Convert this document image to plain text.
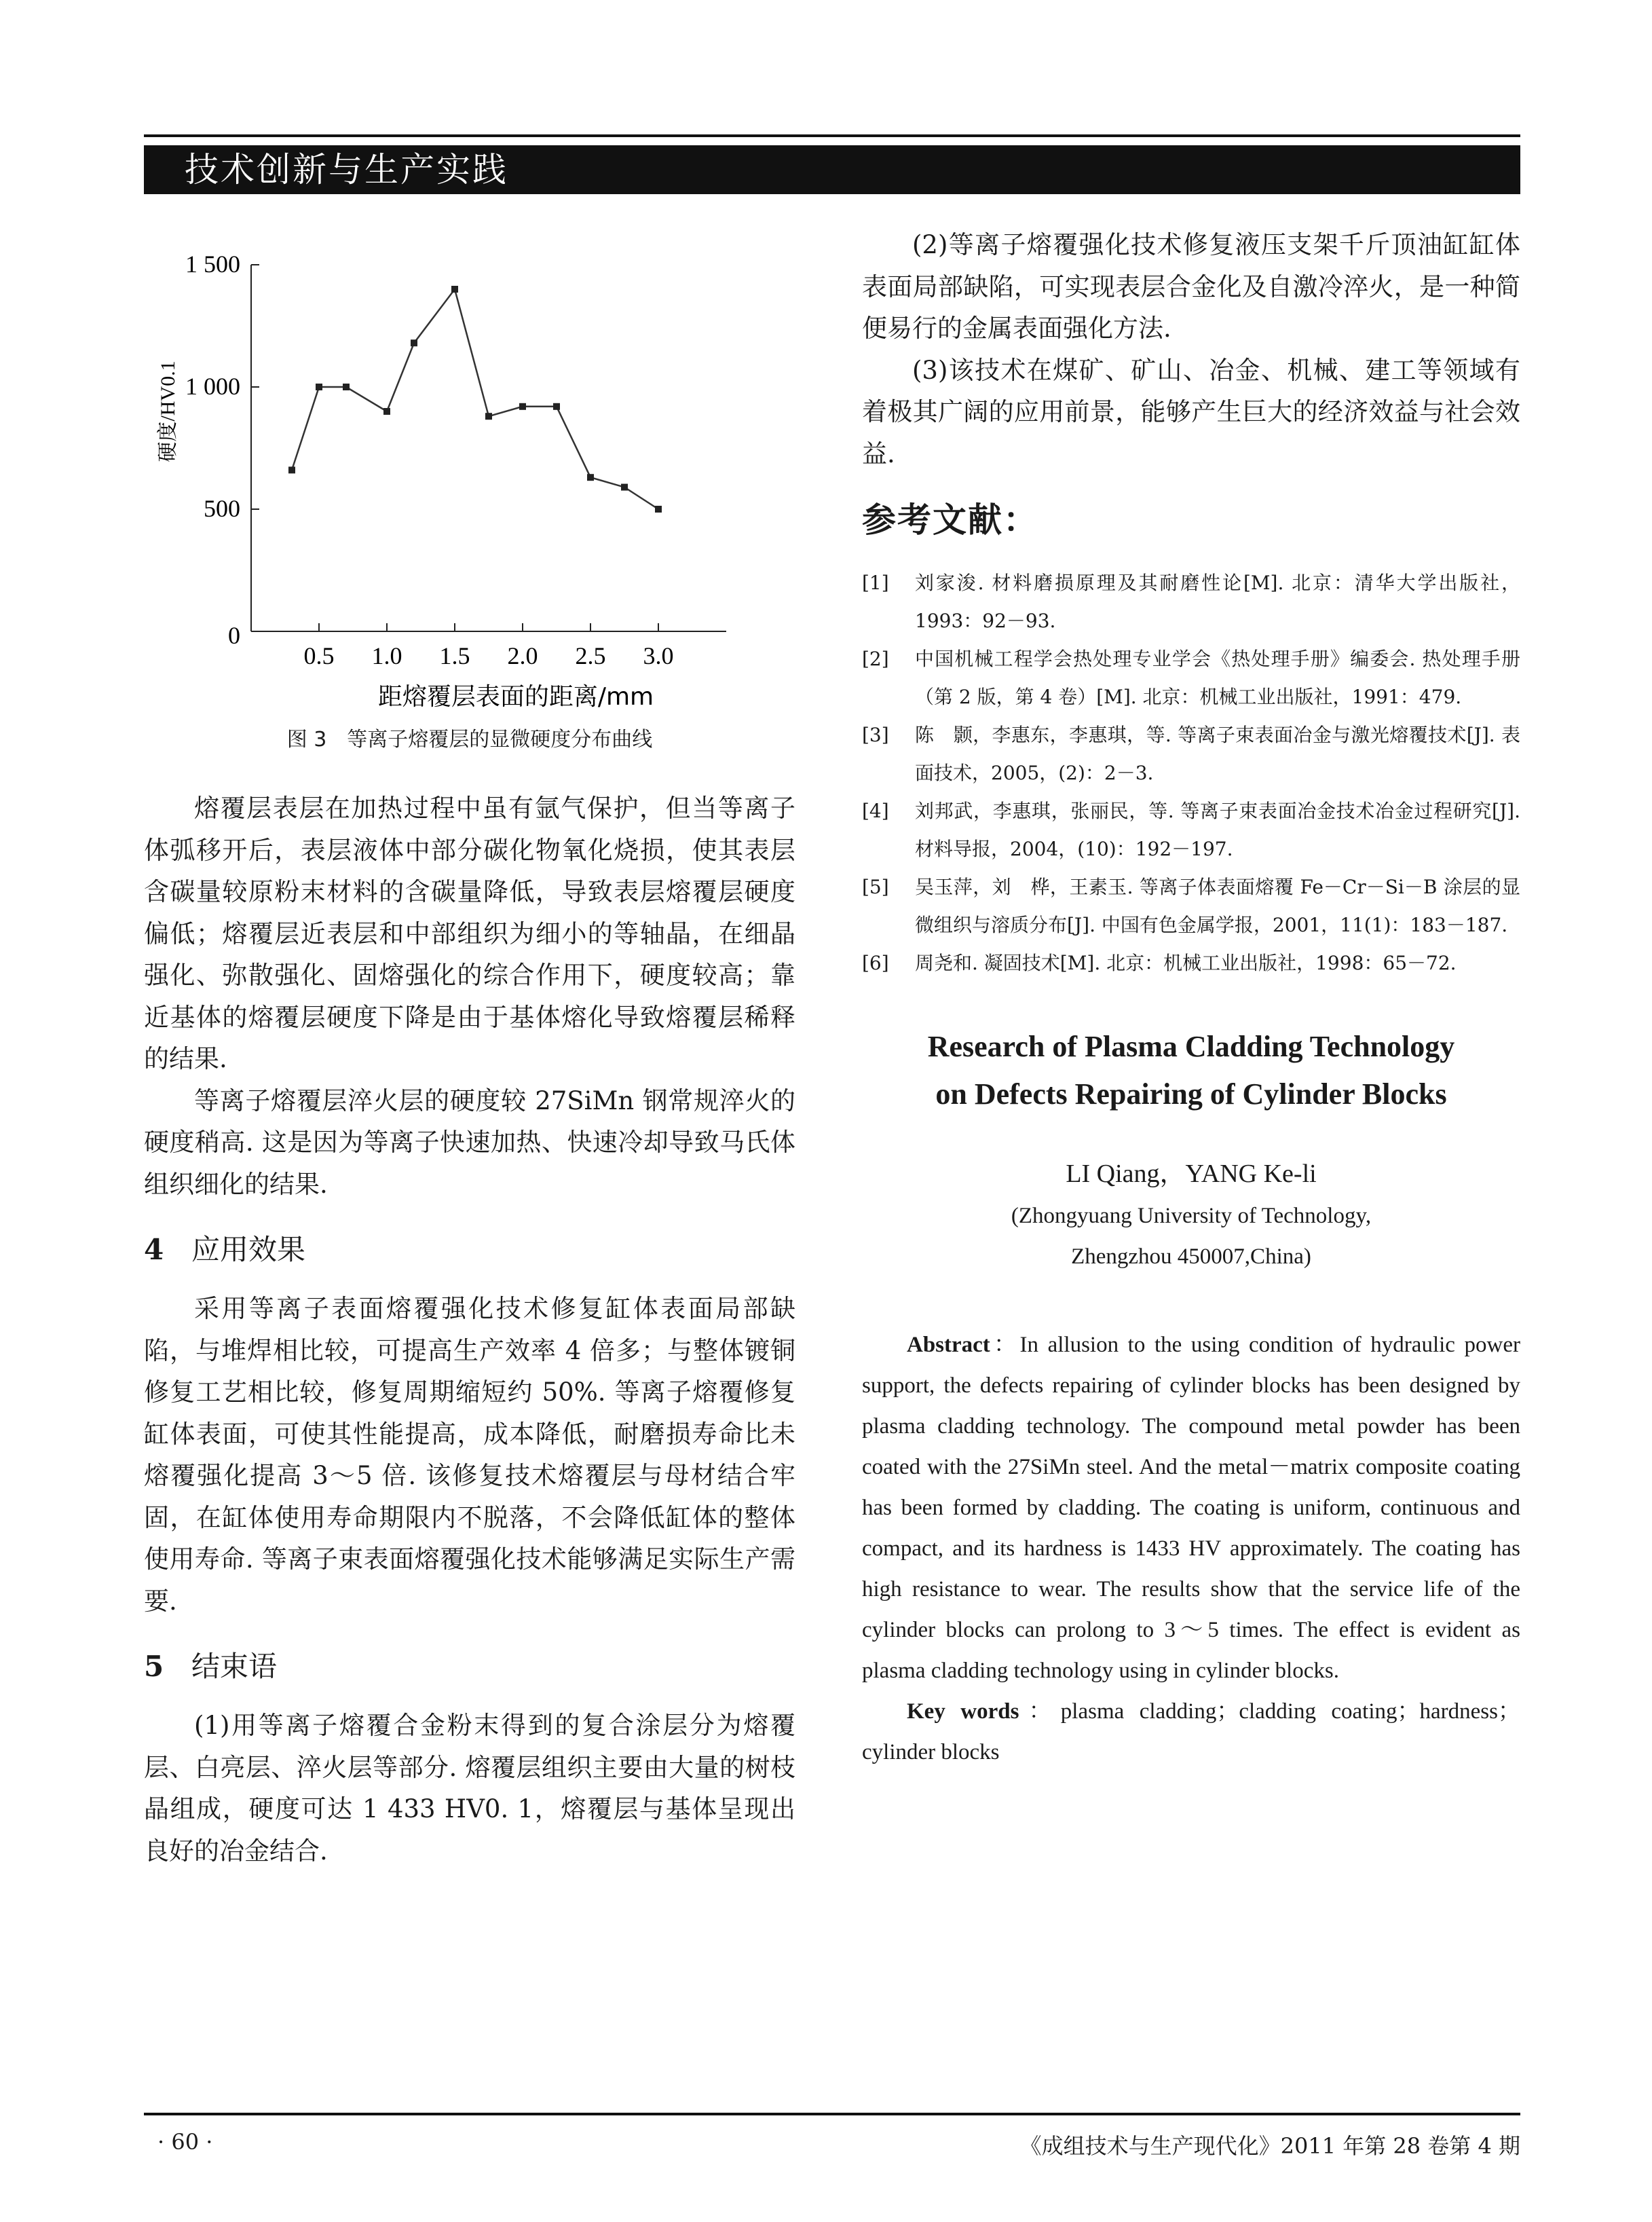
技术创新与生产实践
0
500
1 000
1 500
0.5 1.0 1.5 2.0 2.5 3.0
硬度/HV0.1
距熔覆层表面的距离/mm

图 3　等离子熔覆层的显微硬度分布曲线

熔覆层表层在加热过程中虽有氩气保护，但当等离子体弧移开后，表层液体中部分碳化物氧化烧损，使其表层含碳量较原粉末材料的含碳量降低，导致表层熔覆层硬度偏低；熔覆层近表层和中部组织为细小的等轴晶，在细晶强化、弥散强化、固熔强化的综合作用下，硬度较高；靠近基体的熔覆层硬度下降是由于基体熔化导致熔覆层稀释的结果.

等离子熔覆层淬火层的硬度较 27SiMn 钢常规淬火的硬度稍高. 这是因为等离子快速加热、快速冷却导致马氏体组织细化的结果.

4 应用效果

采用等离子表面熔覆强化技术修复缸体表面局部缺陷，与堆焊相比较，可提高生产效率 4 倍多；与整体镀铜修复工艺相比较，修复周期缩短约 50%. 等离子熔覆修复缸体表面，可使其性能提高，成本降低，耐磨损寿命比未熔覆强化提高 3～5 倍. 该修复技术熔覆层与母材结合牢固，在缸体使用寿命期限内不脱落，不会降低缸体的整体使用寿命. 等离子束表面熔覆强化技术能够满足实际生产需要.

5 结束语

(1)用等离子熔覆合金粉末得到的复合涂层分为熔覆层、白亮层、淬火层等部分. 熔覆层组织主要由大量的树枝晶组成，硬度可达 1 433 HV0. 1，熔覆层与基体呈现出良好的冶金结合.

(2)等离子熔覆强化技术修复液压支架千斤顶油缸缸体表面局部缺陷，可实现表层合金化及自激冷淬火，是一种简便易行的金属表面强化方法.

(3)该技术在煤矿、矿山、冶金、机械、建工等领域有着极其广阔的应用前景，能够产生巨大的经济效益与社会效益.

参考文献：
[1]	刘家浚. 材料磨损原理及其耐磨性论[M]. 北京：清华大学出版社，1993：92－93.
[2]	中国机械工程学会热处理专业学会《热处理手册》编委会. 热处理手册（第 2 版，第 4 卷）[M]. 北京：机械工业出版社，1991：479.
[3]	陈　颢，李惠东，李惠琪，等. 等离子束表面冶金与激光熔覆技术[J]. 表面技术，2005，(2)：2－3.
[4]	刘邦武，李惠琪，张丽民，等. 等离子束表面冶金技术冶金过程研究[J]. 材料导报，2004，(10)：192－197.
[5]	吴玉萍，刘　桦，王素玉. 等离子体表面熔覆 Fe－Cr－Si－B 涂层的显微组织与溶质分布[J]. 中国有色金属学报，2001，11(1)：183－187.
[6]	周尧和. 凝固技术[M]. 北京：机械工业出版社，1998：65－72.
Research of Plasma Cladding Technology
on Defects Repairing of Cylinder Blocks

LI Qiang，YANG Ke-li

(Zhongyuang University of Technology,

Zhengzhou 450007,China)

Abstract：In allusion to the using condition of hydraulic power support, the defects repairing of cylinder blocks has been designed by plasma cladding technology. The compound metal powder has been coated with the 27SiMn steel. And the metal－matrix composite coating has been formed by cladding. The coating is uniform, continuous and compact, and its hardness is 1433 HV approximately. The coating has high resistance to wear. The results show that the service life of the cylinder blocks can prolong to 3～5 times. The effect is evident as plasma cladding technology using in cylinder blocks.

Key words：plasma cladding；cladding coating；hardness；cylinder blocks

· 60 ·	《成组技术与生产现代化》2011 年第 28 卷第 4 期
